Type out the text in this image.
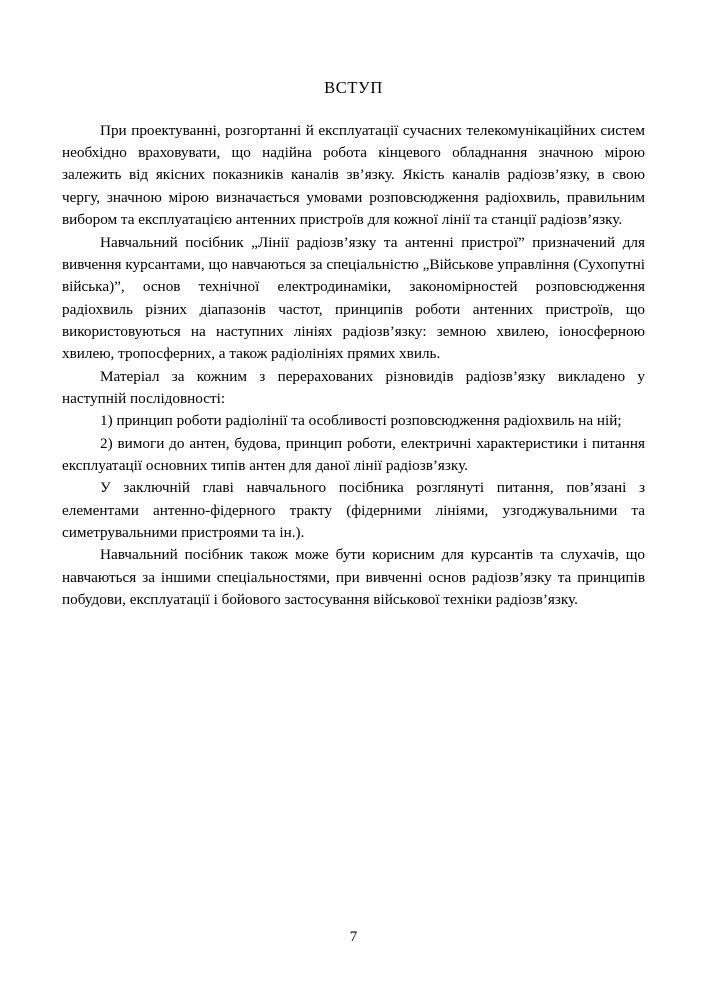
ВСТУП

При проектуванні, розгортанні й експлуатації сучасних телекомунікаційних систем необхідно враховувати, що надійна робота кінцевого обладнання значною мірою залежить від якісних показників каналів зв’язку. Якість каналів радіозв’язку, в свою чергу, значною мірою визначається умовами розповсюдження радіохвиль, правильним вибором та експлуатацією антенних пристроїв для кожної лінії та станції радіозв’язку.

Навчальний посібник „Лінії радіозв’язку та антенні пристрої” призначений для вивчення курсантами, що навчаються за спеціальністю „Військове управління (Сухопутні війська)”, основ технічної електродинаміки, закономірностей розповсюдження радіохвиль різних діапазонів частот, принципів роботи антенних пристроїв, що використовуються на наступних лініях радіозв’язку: земною хвилею, іоносферною хвилею, тропосферних, а також радіолініях прямих хвиль.

Матеріал за кожним з перерахованих різновидів радіозв’язку викладено у наступній послідовності:

1) принцип роботи радіолінії та особливості розповсюдження радіохвиль на ній;

2) вимоги до антен, будова, принцип роботи, електричні характеристики і питання експлуатації основних типів антен для даної лінії радіозв’язку.

У заключній главі навчального посібника розглянуті питання, пов’язані з елементами антенно-фідерного тракту (фідерними лініями, узгоджувальними та симетрувальними пристроями та ін.).

Навчальний посібник також може бути корисним для курсантів та слухачів, що навчаються за іншими спеціальностями, при вивченні основ радіозв’язку та принципів побудови, експлуатації і бойового застосування військової техніки радіозв’язку.

7
